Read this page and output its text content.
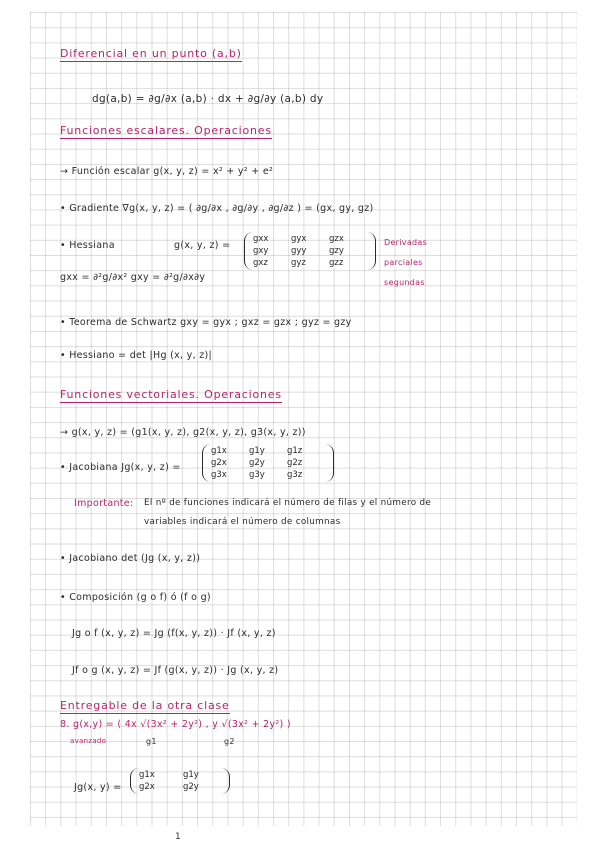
Diferencial en un punto (a,b)
dg(a,b) = ∂g/∂x (a,b) · dx + ∂g/∂y (a,b) dy
Funciones escalares. Operaciones
→ Función escalar g(x, y, z) = x² + y² + e²
• Gradiente ∇g(x, y, z) = ( ∂g/∂x , ∂g/∂y , ∂g/∂z ) = (gx, gy, gz)
• Hessiana	g(x, y, z) =
gxx	gyx	gzx
gxy	gyy	gzy
gxz	gyz	gzz
Derivadas
parciales
segundas
gxx = ∂²g/∂x² gxy = ∂²g/∂x∂y
• Teorema de Schwartz gxy = gyx ; gxz = gzx ; gyz = gzy
• Hessiano = det |Hg (x, y, z)|
Funciones vectoriales. Operaciones
→ g(x, y, z) = (g1(x, y, z), g2(x, y, z), g3(x, y, z))
• Jacobiana Jg(x, y, z) =
g1x	g1y	g1z
g2x	g2y	g2z
g3x	g3y	g3z
Importante: El nº de funciones indicará el número de filas y el número de
variables indicará el número de columnas
• Jacobiano det (Jg (x, y, z))
• Composición (g o f) ó (f o g)
Jg o f (x, y, z) = Jg (f(x, y, z)) · Jf (x, y, z)
Jf o g (x, y, z) = Jf (g(x, y, z)) · Jg (x, y, z)
Entregable de la otra clase
8. g(x,y) = ( 4x √(3x² + 2y²) , y √(3x² + 2y²) )
avanzado	g1	g2
Jg(x, y) =
g1x	g1y
g2x	g2y
1
